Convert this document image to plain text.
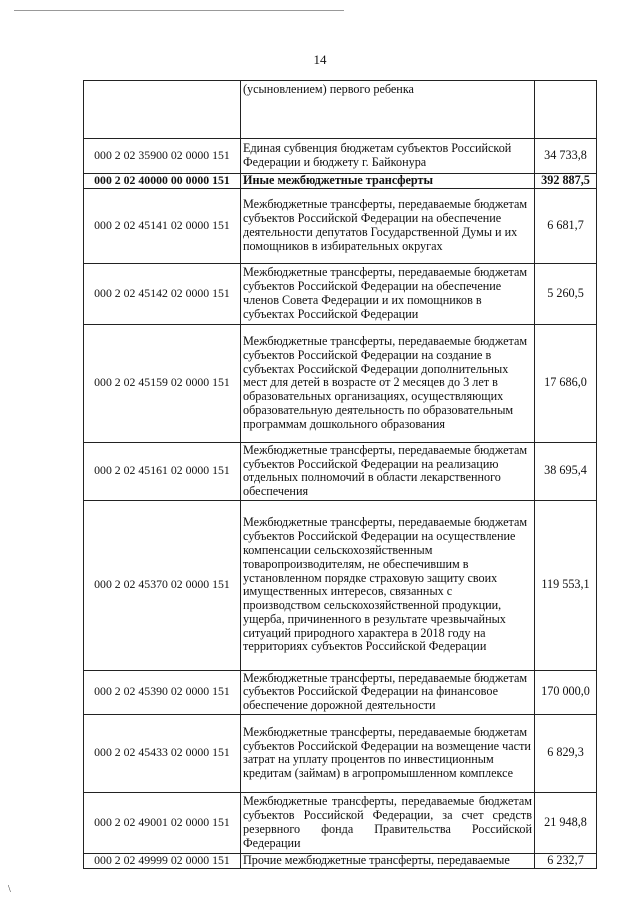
14
	(усыновлением) первого ребенка	
000 2 02 35900 02 0000 151	Единая субвенция бюджетам субъектов Российской Федерации и бюджету г. Байконура	34 733,8
000 2 02 40000 00 0000 151	Иные межбюджетные трансферты	392 887,5
000 2 02 45141 02 0000 151	Межбюджетные трансферты, передаваемые бюджетам субъектов Российской Федерации на обеспечение деятельности депутатов Государственной Думы и их помощников в избирательных округах	6 681,7
000 2 02 45142 02 0000 151	Межбюджетные трансферты, передаваемые бюджетам субъектов Российской Федерации на обеспечение членов Совета Федерации и их помощников в субъектах Российской Федерации	5 260,5
000 2 02 45159 02 0000 151	Межбюджетные трансферты, передаваемые бюджетам субъектов Российской Федерации на создание в субъектах Российской Федерации дополнительных мест для детей в возрасте от 2 месяцев до 3 лет в образовательных организациях, осуществляющих образовательную деятельность по образовательным программам дошкольного образования	17 686,0
000 2 02 45161 02 0000 151	Межбюджетные трансферты, передаваемые бюджетам субъектов Российской Федерации на реализацию отдельных полномочий в области лекарственного обеспечения	38 695,4
000 2 02 45370 02 0000 151	Межбюджетные трансферты, передаваемые бюджетам субъектов Российской Федерации на осуществление компенсации сельскохозяйственным товаропроизводителям, не обеспечившим в установленном порядке страховую защиту своих имущественных интересов, связанных с производством сельскохозяйственной продукции, ущерба, причиненного в результате чрезвычайных ситуаций природного характера в 2018 году на территориях субъектов Российской Федерации	119 553,1
000 2 02 45390 02 0000 151	Межбюджетные трансферты, передаваемые бюджетам субъектов Российской Федерации на финансовое обеспечение дорожной деятельности	170 000,0
000 2 02 45433 02 0000 151	Межбюджетные трансферты, передаваемые бюджетам субъектов Российской Федерации на возмещение части затрат на уплату процентов по инвестиционным кредитам (займам) в агропромышленном комплексе	6 829,3
000 2 02 49001 02 0000 151	Межбюджетные трансферты, передаваемые бюджетам субъектов Российской Федерации, за счет средств резервного фонда Правительства Российской Федерации	21 948,8
000 2 02 49999 02 0000 151	Прочие межбюджетные трансферты, передаваемые	6 232,7
\
